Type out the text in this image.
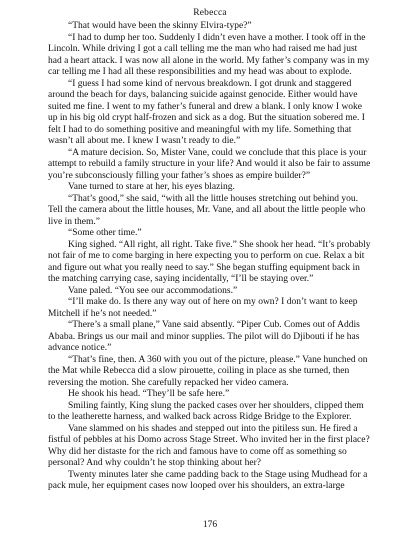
Rebecca

“That would have been the skinny Elvira-type?”

“I had to dump her too. Suddenly I didn’t even have a mother. I took off in the Lincoln. While driving I got a call telling me the man who had raised me had just had a heart attack. I was now all alone in the world. My father’s company was in my car telling me I had all these responsibilities and my head was about to explode.

“I guess I had some kind of nervous breakdown. I got drunk and staggered around the beach for days, balancing suicide against genocide. Either would have suited me fine. I went to my father’s funeral and drew a blank. I only know I woke up in his big old crypt half-frozen and sick as a dog. But the situation sobered me. I felt I had to do something positive and meaningful with my life. Something that wasn’t all about me. I knew I wasn’t ready to die.”

“A mature decision. So, Mister Vane, could we conclude that this place is your attempt to rebuild a family structure in your life? And would it also be fair to assume you’re subconsciously filling your father’s shoes as empire builder?”

Vane turned to stare at her, his eyes blazing.

“That’s good,” she said, “with all the little houses stretching out behind you. Tell the camera about the little houses, Mr. Vane, and all about the little people who live in them.”

“Some other time.”

King sighed. “All right, all right. Take five.” She shook her head. “It’s probably not fair of me to come barging in here expecting you to perform on cue. Relax a bit and figure out what you really need to say.” She began stuffing equipment back in the matching carrying case, saying incidentally, “I’ll be staying over.”

Vane paled. “You see our accommodations.”

“I’ll make do. Is there any way out of here on my own? I don’t want to keep Mitchell if he’s not needed.”

“There’s a small plane,” Vane said absently. “Piper Cub. Comes out of Addis Ababa. Brings us our mail and minor supplies. The pilot will do Djibouti if he has advance notice.”

“That’s fine, then. A 360 with you out of the picture, please.” Vane hunched on the Mat while Rebecca did a slow pirouette, coiling in place as she turned, then reversing the motion. She carefully repacked her video camera.

He shook his head. “They’ll be safe here.”

Smiling faintly, King slung the packed cases over her shoulders, clipped them to the leatherette harness, and walked back across Ridge Bridge to the Explorer.

Vane slammed on his shades and stepped out into the pitiless sun. He fired a fistful of pebbles at his Domo across Stage Street. Who invited her in the first place? Why did her distaste for the rich and famous have to come off as something so personal? And why couldn’t he stop thinking about her?

Twenty minutes later she came padding back to the Stage using Mudhead for a pack mule, her equipment cases now looped over his shoulders, an extra-large

176
